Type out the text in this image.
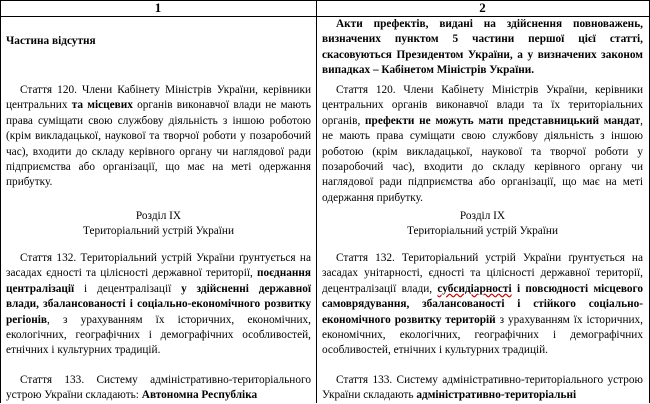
1	2

Частина відсутня

Стаття 120. Члени Кабінету Міністрів України, керівники центральних та місцевих органів виконавчої влади не мають права суміщати свою службову діяльність з іншою роботою (крім викладацької, наукової та творчої роботи у позаробочий час), входити до складу керівного органу чи наглядової ради підприємства або організації, що має на меті одержання прибутку.

Розділ IX

Територіальний устрій України

Стаття 132. Територіальний устрій України ґрунтується на засадах єдності та цілісності державної території, поєднання централізації і децентралізації у здійсненні державної влади, збалансованості і соціально-економічного розвитку регіонів, з урахуванням їх історичних, економічних, екологічних, географічних і демографічних особливостей, етнічних і культурних традицій.

Стаття 133. Систему адміністративно-територіального устрою України складають: Автономна Республіка

Акти префектів, видані на здійснення повноважень, визначених пунктом 5 частини першої цієї статті, скасовуються Президентом України, а у визначених законом випадках – Кабінетом Міністрів України.

Стаття 120. Члени Кабінету Міністрів України, керівники центральних органів виконавчої влади та їх територіальних органів, префекти не можуть мати представницький мандат, не мають права суміщати свою службову діяльність з іншою роботою (крім викладацької, наукової та творчої роботи у позаробочий час), входити до складу керівного органу чи наглядової ради підприємства або організації, що має на меті одержання прибутку.

Розділ IX

Територіальний устрій України

Стаття 132. Територіальний устрій України ґрунтується на засадах унітарності, єдності та цілісності державної території, децентралізації влади, субсидіарності і повсюдності місцевого самоврядування, збалансованості і стійкого соціально-економічного розвитку територій з урахуванням їх історичних, економічних, екологічних, географічних і демографічних особливостей, етнічних і культурних традицій.

Стаття 133. Систему адміністративно-територіального устрою України складають адміністративно-територіальні
